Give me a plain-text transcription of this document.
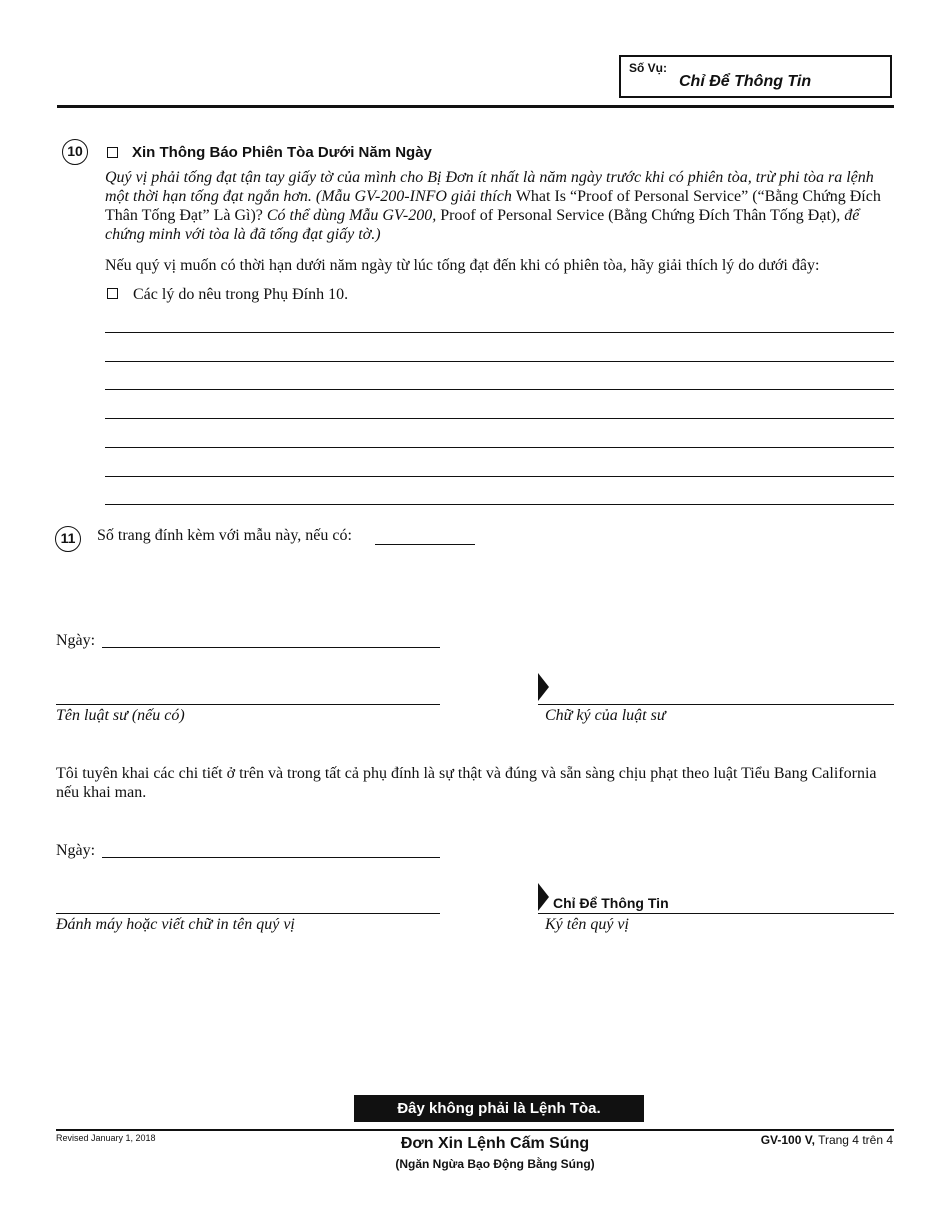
Số Vụ:
Chỉ Để Thông Tin
10	Xin Thông Báo Phiên Tòa Dưới Năm Ngày
Quý vị phải tống đạt tận tay giấy tờ của mình cho Bị Đơn ít nhất là năm ngày trước khi có phiên tòa, trừ phi tòa ra lệnh một thời hạn tống đạt ngắn hơn. (Mẫu GV-200-INFO giải thích What Is “Proof of Personal Service” (“Bằng Chứng Đích Thân Tống Đạt” Là Gì)? Có thể dùng Mẫu GV-200, Proof of Personal Service (Bằng Chứng Đích Thân Tống Đạt), để chứng minh với tòa là đã tống đạt giấy tờ.)
Nếu quý vị muốn có thời hạn dưới năm ngày từ lúc tống đạt đến khi có phiên tòa, hãy giải thích lý do dưới đây:
Các lý do nêu trong Phụ Đính 10.
11	Số trang đính kèm với mẫu này, nếu có:
Ngày:
Tên luật sư (nếu có)	Chữ ký của luật sư
Tôi tuyên khai các chi tiết ở trên và trong tất cả phụ đính là sự thật và đúng và sẵn sàng chịu phạt theo luật Tiểu Bang California nếu khai man.
Ngày:
Đánh máy hoặc viết chữ in tên quý vị
Chỉ Để Thông Tin
Ký tên quý vị
Đây không phải là Lệnh Tòa.
Revised January 1, 2018	Đơn Xin Lệnh Cấm Súng
(Ngăn Ngừa Bạo Động Bằng Súng)
GV-100 V, Trang 4 trên 4
